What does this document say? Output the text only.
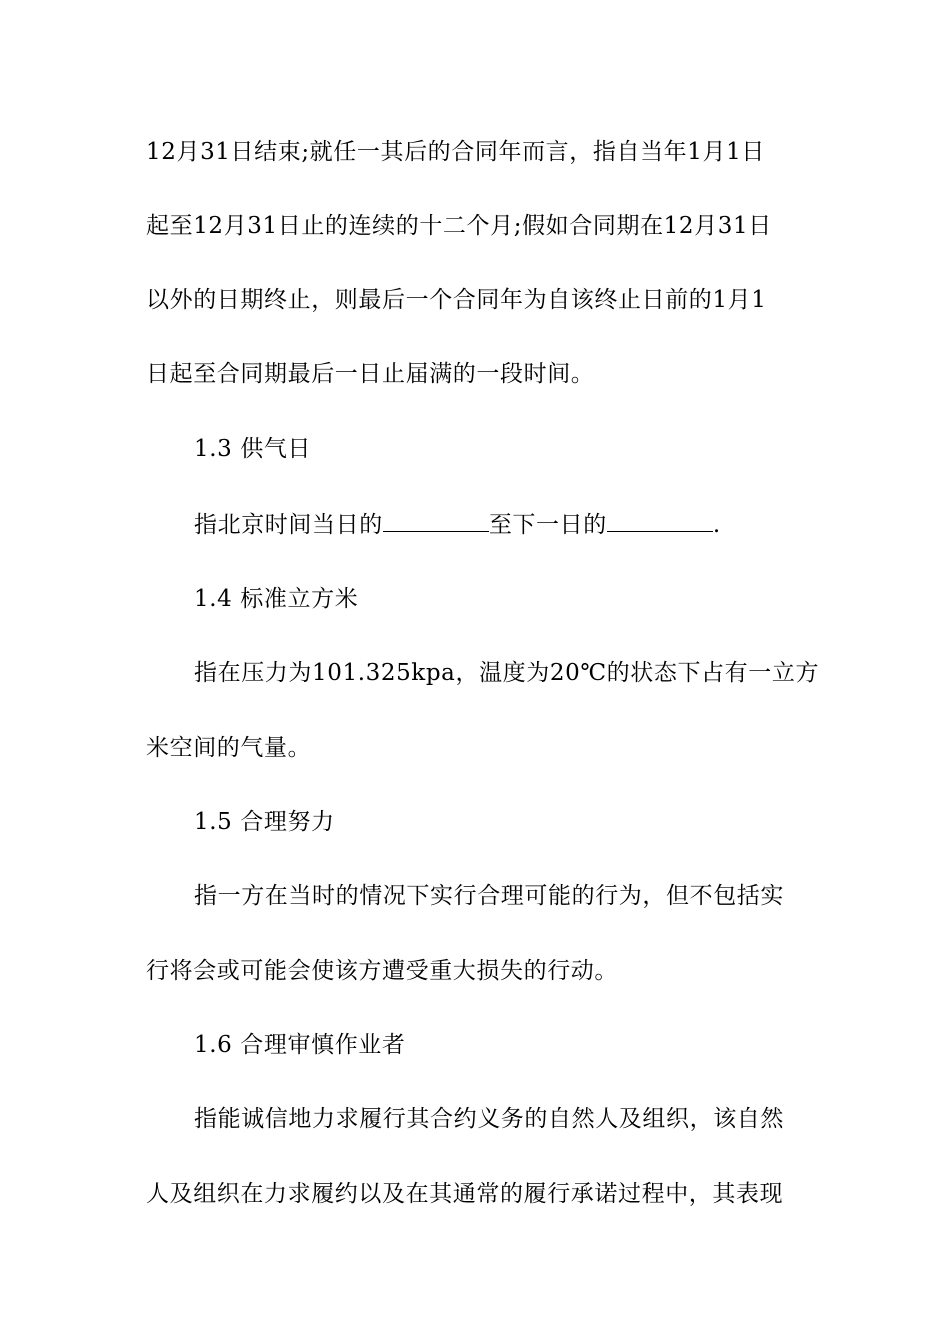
12月31日结束;就任一其后的合同年而言，指自当年1月1日
起至12月31日止的连续的十二个月;假如合同期在12月31日
以外的日期终止，则最后一个合同年为自该终止日前的1月1
日起至合同期最后一日止届满的一段时间。
1.3 供气日
指北京时间当日的	至下一日的	.
1.4 标准立方米
指在压力为101.325kpa，温度为20℃的状态下占有一立方
米空间的气量。
1.5 合理努力
指一方在当时的情况下实行合理可能的行为，但不包括实
行将会或可能会使该方遭受重大损失的行动。
1.6 合理审慎作业者
指能诚信地力求履行其合约义务的自然人及组织，该自然
人及组织在力求履约以及在其通常的履行承诺过程中，其表现
